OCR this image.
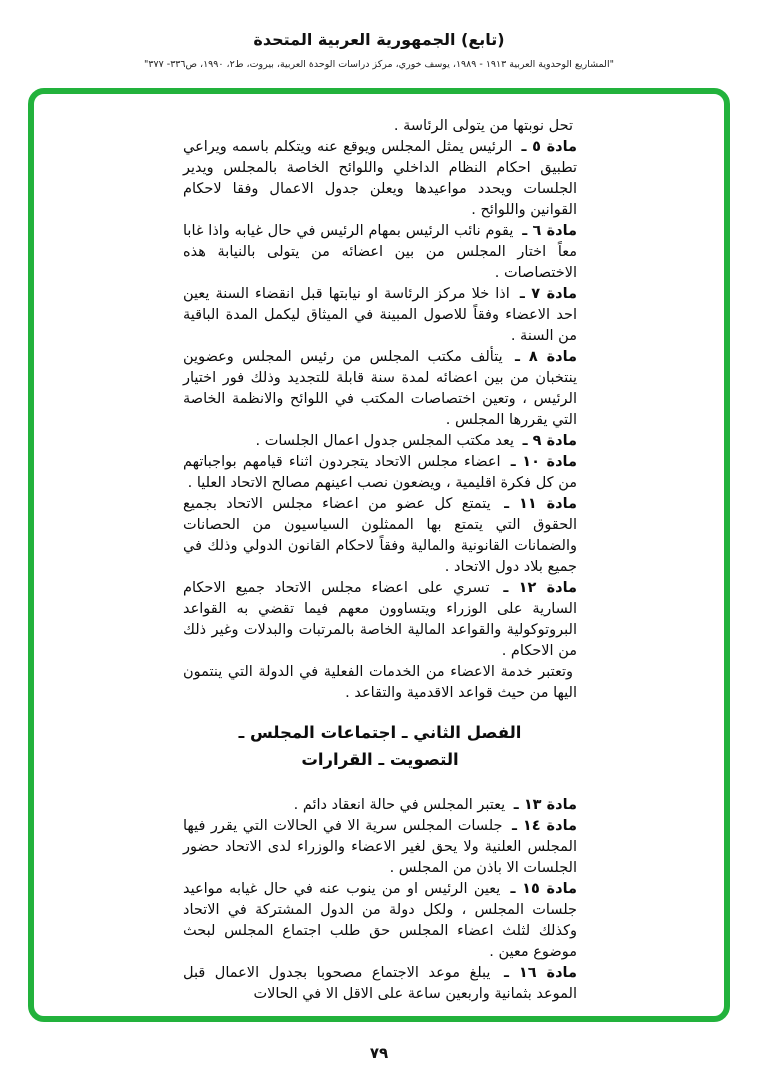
(تابع) الجمهورية العربية المتحدة
"المشاريع الوحدوية العربية ١٩١٣ - ١٩٨٩، يوسف خوري، مركز دراسات الوحدة العربية، بيروت، ط٢، ١٩٩٠، ص٣٣٦- ٣٧٧"

تحل نوبتها من يتولى الرئاسة .

مادة ٥ ـ الرئيس يمثل المجلس ويوقع عنه ويتكلم باسمه ويراعي تطبيق احكام النظام الداخلي واللوائح الخاصة بالمجلس ويدير الجلسات ويحدد مواعيدها ويعلن جدول الاعمال وفقا لاحكام القوانين واللوائح .

مادة ٦ ـ يقوم نائب الرئيس بمهام الرئيس في حال غيابه واذا غابا معاً اختار المجلس من بين اعضائه من يتولى بالنيابة هذه الاختصاصات .

مادة ٧ ـ اذا خلا مركز الرئاسة او نيابتها قبل انقضاء السنة يعين احد الاعضاء وفقاً للاصول المبينة في الميثاق ليكمل المدة الباقية من السنة .

مادة ٨ ـ يتألف مكتب المجلس من رئيس المجلس وعضوين ينتخبان من بين اعضائه لمدة سنة قابلة للتجديد وذلك فور اختيار الرئيس ، وتعين اختصاصات المكتب في اللوائح والانظمة الخاصة التي يقررها المجلس .

مادة ٩ ـ يعد مكتب المجلس جدول اعمال الجلسات .

مادة ١٠ ـ اعضاء مجلس الاتحاد يتجردون اثناء قيامهم بواجباتهم من كل فكرة اقليمية ، ويضعون نصب اعينهم مصالح الاتحاد العليا .

مادة ١١ ـ يتمتع كل عضو من اعضاء مجلس الاتحاد بجميع الحقوق التي يتمتع بها الممثلون السياسيون من الحصانات والضمانات القانونية والمالية وفقاً لاحكام القانون الدولي وذلك في جميع بلاد دول الاتحاد .

مادة ١٢ ـ تسري على اعضاء مجلس الاتحاد جميع الاحكام السارية على الوزراء ويتساوون معهم فيما تقضي به القواعد البروتوكولية والقواعد المالية الخاصة بالمرتبات والبدلات وغير ذلك من الاحكام .

وتعتبر خدمة الاعضاء من الخدمات الفعلية في الدولة التي ينتمون اليها من حيث قواعد الاقدمية والتقاعد .

الفصل الثاني ـ اجتماعات المجلس ـ
التصويت ـ القرارات

مادة ١٣ ـ يعتبر المجلس في حالة انعقاد دائم .

مادة ١٤ ـ جلسات المجلس سرية الا في الحالات التي يقرر فيها المجلس العلنية ولا يحق لغير الاعضاء والوزراء لدى الاتحاد حضور الجلسات الا باذن من المجلس .

مادة ١٥ ـ يعين الرئيس او من ينوب عنه في حال غيابه مواعيد جلسات المجلس ، ولكل دولة من الدول المشتركة في الاتحاد وكذلك لثلث اعضاء المجلس حق طلب اجتماع المجلس لبحث موضوع معين .

مادة ١٦ ـ يبلغ موعد الاجتماع مصحوبا بجدول الاعمال قبل الموعد بثمانية واربعين ساعة على الاقل الا في الحالات

٧٩
